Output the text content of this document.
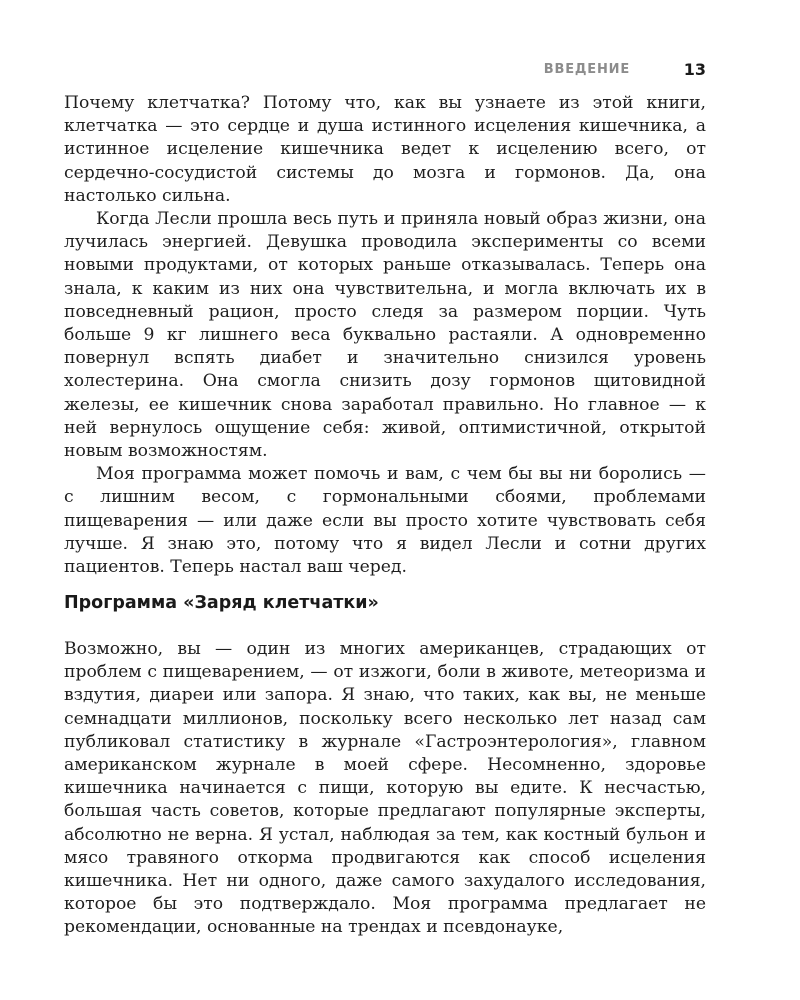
ВВЕДЕНИЕ	13

Почему клетчатка? Потому что, как вы узнаете из этой книги, клетчатка — это сердце и душа истинного исцеления кишечника, а истинное исцеление кишечника ведет к исцелению всего, от сердечно-сосудистой системы до мозга и гормонов. Да, она настолько сильна.

Когда Лесли прошла весь путь и приняла новый образ жизни, она лучилась энергией. Девушка проводила эксперименты со всеми новыми продуктами, от которых раньше отказывалась. Теперь она знала, к каким из них она чувствительна, и могла включать их в повседневный рацион, просто следя за размером порции. Чуть больше 9 кг лишнего веса буквально растаяли. А одновременно повернул вспять диабет и значительно снизился уровень холестерина. Она смогла снизить дозу гормонов щитовидной железы, ее кишечник снова заработал правильно. Но главное — к ней вернулось ощущение себя: живой, оптимистичной, открытой новым возможностям.

Моя программа может помочь и вам, с чем бы вы ни боролись — с лишним весом, с гормональными сбоями, проблемами пищеварения — или даже если вы просто хотите чувствовать себя лучше. Я знаю это, потому что я видел Лесли и сотни других пациентов. Теперь настал ваш черед.

Программа «Заряд клетчатки»

Возможно, вы — один из многих американцев, страдающих от проблем с пищеварением, — от изжоги, боли в животе, метеоризма и вздутия, диареи или запора. Я знаю, что таких, как вы, не меньше семнадцати миллионов, поскольку всего несколько лет назад сам публиковал статистику в журнале «Гастроэнтерология», главном американском журнале в моей сфере. Несомненно, здоровье кишечника начинается с пищи, которую вы едите. К несчастью, большая часть советов, которые предлагают популярные эксперты, абсолютно не верна. Я устал, наблюдая за тем, как костный бульон и мясо травяного откорма продвигаются как способ исцеления кишечника. Нет ни одного, даже самого захудалого исследования, которое бы это подтверждало. Моя программа предлагает не рекомендации, основанные на трендах и псевдонауке,
